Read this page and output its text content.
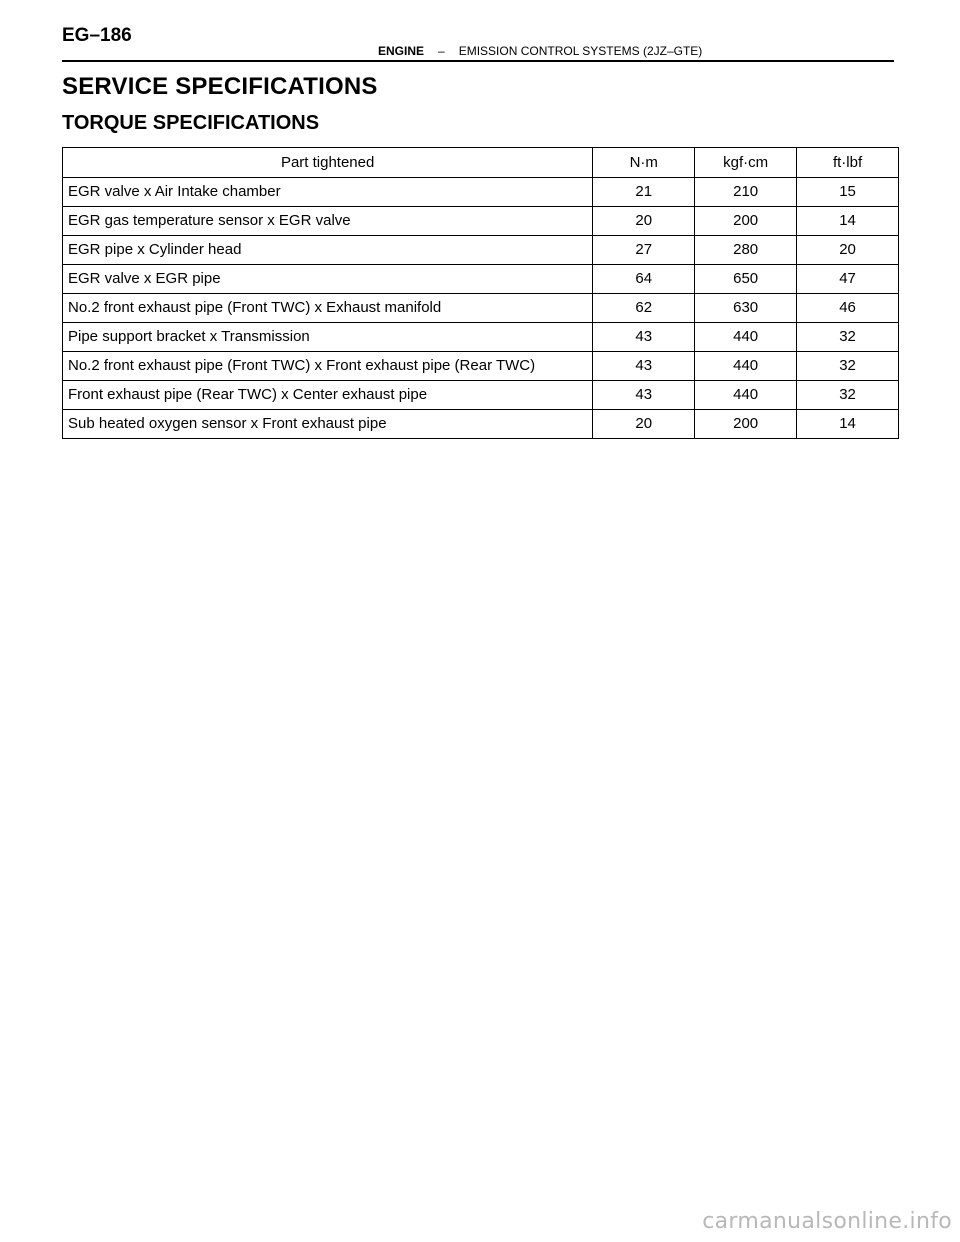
EG–186
ENGINE – EMISSION CONTROL SYSTEMS (2JZ–GTE)
SERVICE SPECIFICATIONS
TORQUE SPECIFICATIONS
Part tightened	N·m	kgf·cm	ft·lbf
EGR valve x Air Intake chamber	21	210	15
EGR gas temperature sensor x EGR valve	20	200	14
EGR pipe x Cylinder head	27	280	20
EGR valve x EGR pipe	64	650	47
No.2 front exhaust pipe (Front TWC) x Exhaust manifold	62	630	46
Pipe support bracket x Transmission	43	440	32
No.2 front exhaust pipe (Front TWC) x Front exhaust pipe (Rear TWC)	43	440	32
Front exhaust pipe (Rear TWC) x Center exhaust pipe	43	440	32
Sub heated oxygen sensor x Front exhaust pipe	20	200	14
carmanualsonline.info
